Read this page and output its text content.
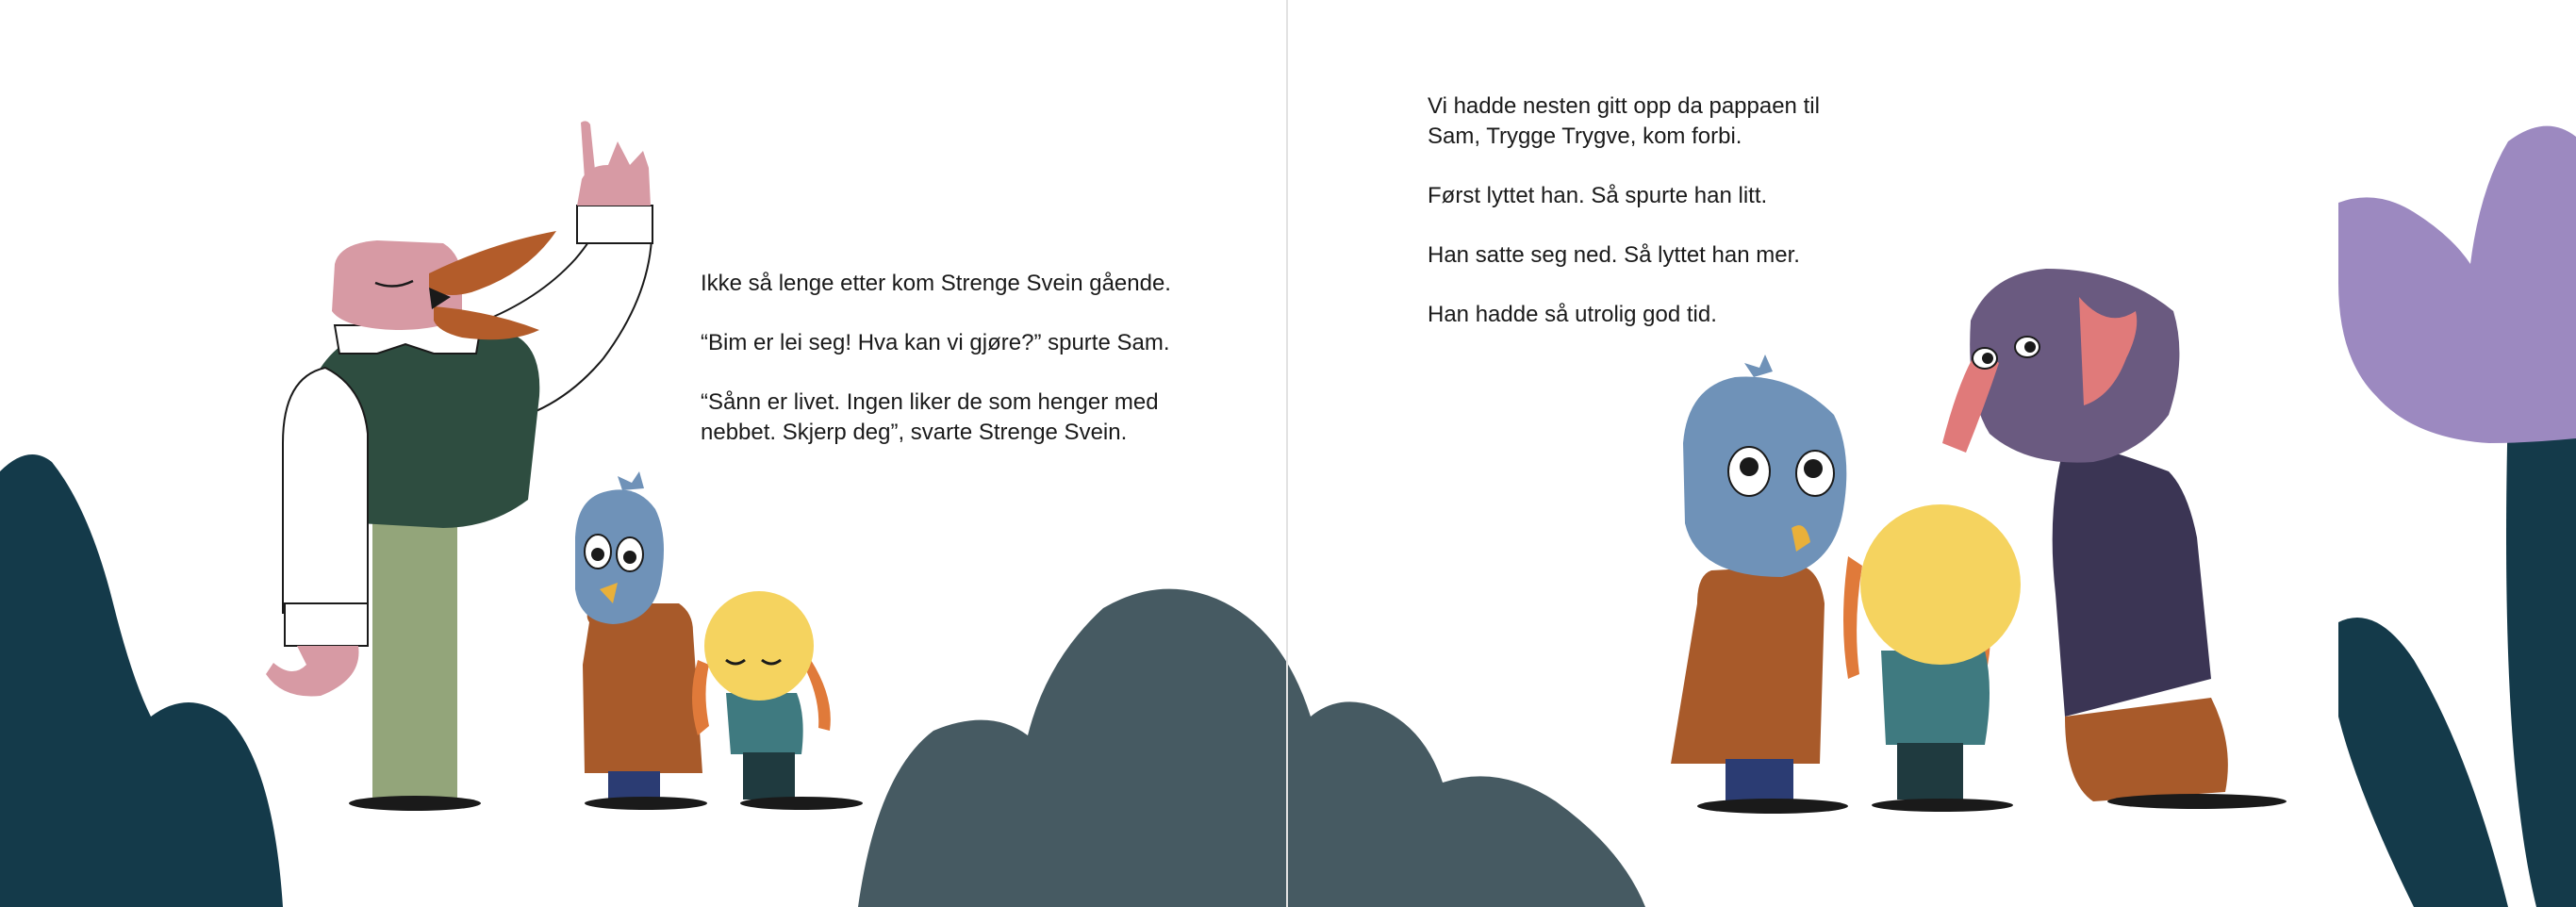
Ikke så lenge etter kom Strenge Svein gående.

“Bim er lei seg! Hva kan vi gjøre?” spurte Sam.

“Sånn er livet. Ingen liker de som henger med
nebbet. Skjerp deg”, svarte Strenge Svein.

Vi hadde nesten gitt opp da pappaen til
Sam, Trygge Trygve, kom forbi.

Først lyttet han. Så spurte han litt.

Han satte seg ned. Så lyttet han mer.

Han hadde så utrolig god tid.
